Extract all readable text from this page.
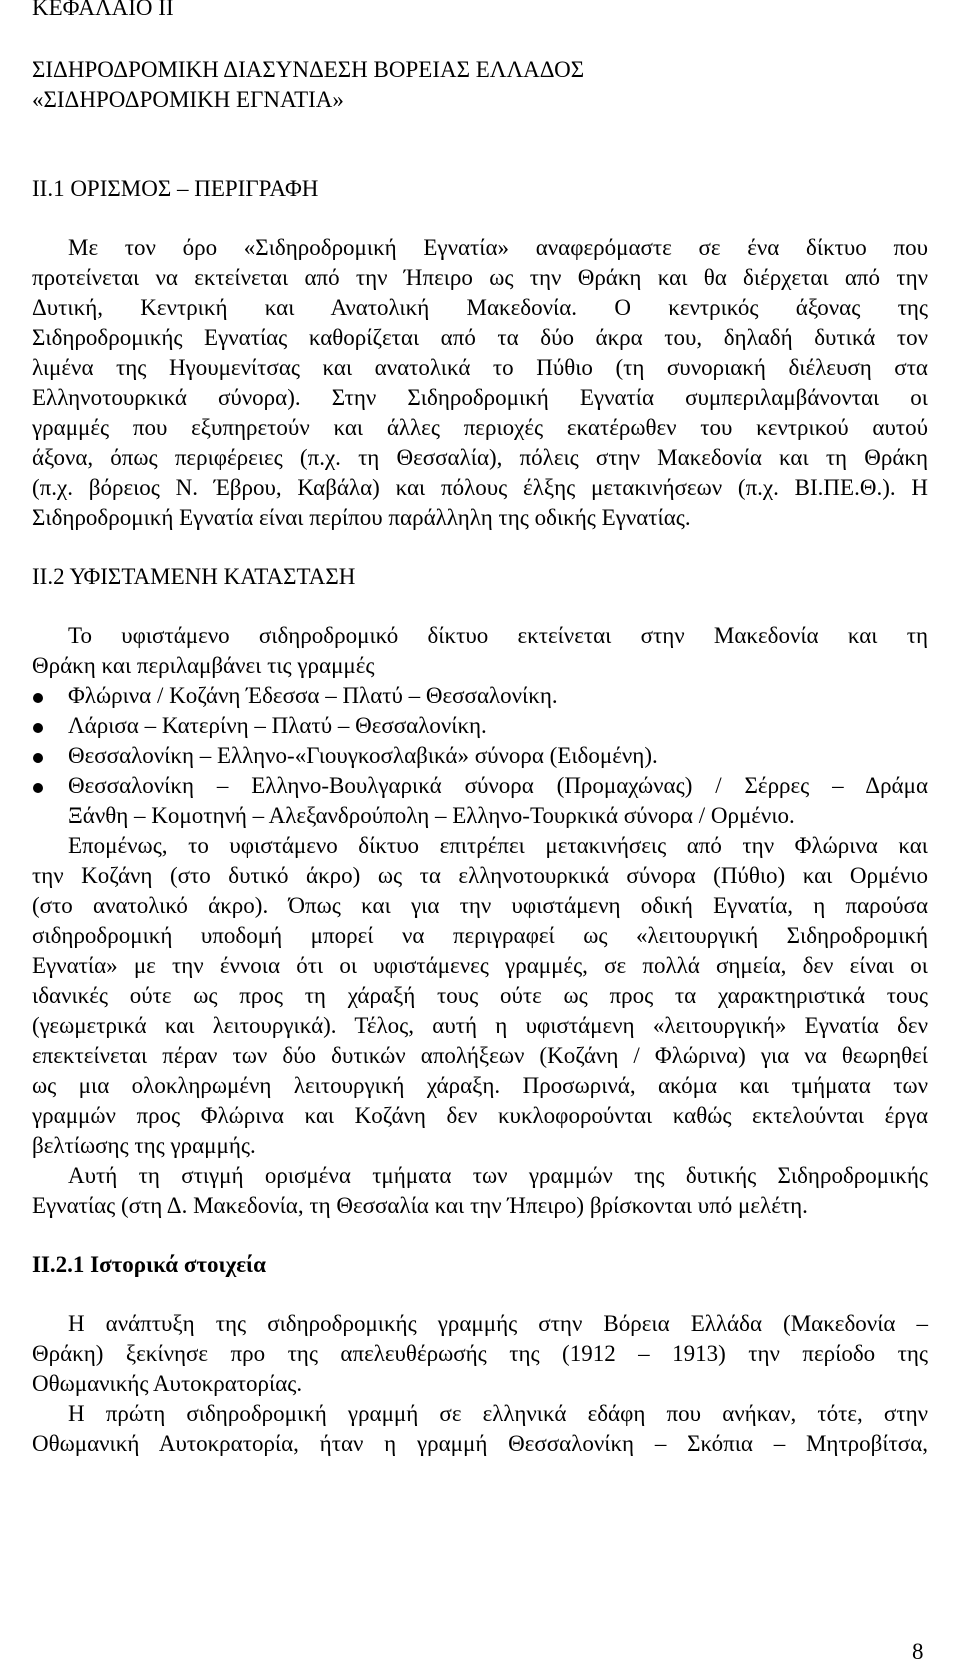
ΚΕΦΑΛΑΙΟ ΙΙ
ΣΙΔΗΡΟΔΡΟΜΙΚΗ ΔΙΑΣΥΝΔΕΣΗ ΒΟΡΕΙΑΣ ΕΛΛΑΔΟΣ
«ΣΙΔΗΡΟΔΡΟΜΙΚΗ ΕΓΝΑΤΙΑ»
ΙΙ.1 ΟΡΙΣΜΟΣ – ΠΕΡΙΓΡΑΦΗ
Με τον όρο «Σιδηροδρομική Εγνατία» αναφερόμαστε σε ένα δίκτυο που
προτείνεται να εκτείνεται από την Ήπειρο ως την Θράκη και θα διέρχεται από την
Δυτική, Κεντρική και Ανατολική Μακεδονία. Ο κεντρικός άξονας της
Σιδηροδρομικής Εγνατίας καθορίζεται από τα δύο άκρα του, δηλαδή δυτικά τον
λιμένα της Ηγουμενίτσας και ανατολικά το Πύθιο (τη συνοριακή διέλευση στα
Ελληνοτουρκικά σύνορα). Στην Σιδηροδρομική Εγνατία συμπεριλαμβάνονται οι
γραμμές που εξυπηρετούν και άλλες περιοχές εκατέρωθεν του κεντρικού αυτού
άξονα, όπως περιφέρειες (π.χ. τη Θεσσαλία), πόλεις στην Μακεδονία και τη Θράκη
(π.χ. βόρειος Ν. Έβρου, Καβάλα) και πόλους έλξης μετακινήσεων (π.χ. ΒΙ.ΠΕ.Θ.). Η
Σιδηροδρομική Εγνατία είναι περίπου παράλληλη της οδικής Εγνατίας.
ΙΙ.2 ΥΦΙΣΤΑΜΕΝΗ ΚΑΤΑΣΤΑΣΗ
Το υφιστάμενο σιδηροδρομικό δίκτυο εκτείνεται στην Μακεδονία και τη
Θράκη και περιλαμβάνει τις γραμμές
Φλώρινα / Κοζάνη Έδεσσα – Πλατύ – Θεσσαλονίκη.
Λάρισα – Κατερίνη – Πλατύ – Θεσσαλονίκη.
Θεσσαλονίκη – Ελληνο-«Γιουγκοσλαβικά» σύνορα (Ειδομένη).
Θεσσαλονίκη – Ελληνο-Βουλγαρικά σύνορα (Προμαχώνας) / Σέρρες – Δράμα
Ξάνθη – Κομοτηνή – Αλεξανδρούπολη – Ελληνο-Τουρκικά σύνορα / Ορμένιο.
Επομένως, το υφιστάμενο δίκτυο επιτρέπει μετακινήσεις από την Φλώρινα και
την Κοζάνη (στο δυτικό άκρο) ως τα ελληνοτουρκικά σύνορα (Πύθιο) και Ορμένιο
(στο ανατολικό άκρο). Όπως και για την υφιστάμενη οδική Εγνατία, η παρούσα
σιδηροδρομική υποδομή μπορεί να περιγραφεί ως «λειτουργική Σιδηροδρομική
Εγνατία» με την έννοια ότι οι υφιστάμενες γραμμές, σε πολλά σημεία, δεν είναι οι
ιδανικές ούτε ως προς τη χάραξή τους ούτε ως προς τα χαρακτηριστικά τους
(γεωμετρικά και λειτουργικά). Τέλος, αυτή η υφιστάμενη «λειτουργική» Εγνατία δεν
επεκτείνεται πέραν των δύο δυτικών απολήξεων (Κοζάνη / Φλώρινα) για να θεωρηθεί
ως μια ολοκληρωμένη λειτουργική χάραξη. Προσωρινά, ακόμα και τμήματα των
γραμμών προς Φλώρινα και Κοζάνη δεν κυκλοφορούνται καθώς εκτελούνται έργα
βελτίωσης της γραμμής.
Αυτή τη στιγμή ορισμένα τμήματα των γραμμών της δυτικής Σιδηροδρομικής
Εγνατίας (στη Δ. Μακεδονία, τη Θεσσαλία και την Ήπειρο) βρίσκονται υπό μελέτη.
ΙΙ.2.1 Ιστορικά στοιχεία
Η ανάπτυξη της σιδηροδρομικής γραμμής στην Βόρεια Ελλάδα (Μακεδονία –
Θράκη) ξεκίνησε προ της απελευθέρωσής της (1912 – 1913) την περίοδο της
Οθωμανικής Αυτοκρατορίας.
Η πρώτη σιδηροδρομική γραμμή σε ελληνικά εδάφη που ανήκαν, τότε, στην
Οθωμανική Αυτοκρατορία, ήταν η γραμμή Θεσσαλονίκη – Σκόπια – Μητροβίτσα,
8
